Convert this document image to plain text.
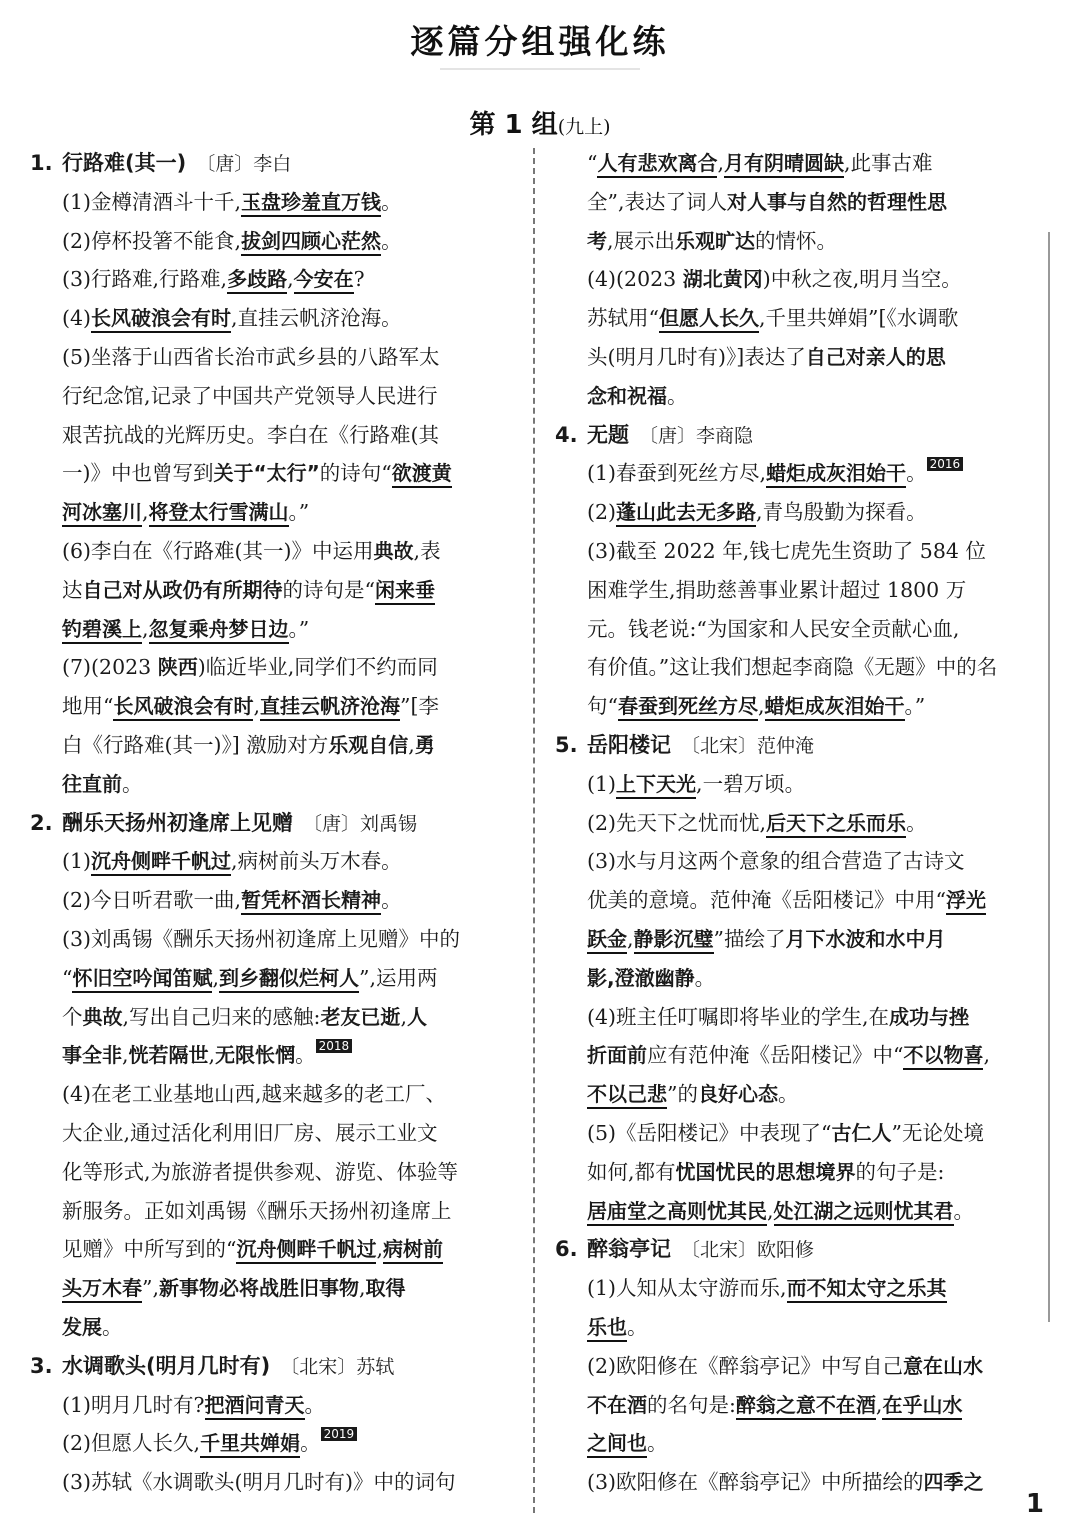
逐篇分组强化练
第 1 组(九上)
1. 行路难(其一) 〔唐〕李白
(1)金樽清酒斗十千,玉盘珍羞直万钱。
(2)停杯投箸不能食,拔剑四顾心茫然。
(3)行路难,行路难,多歧路,今安在?
(4)长风破浪会有时,直挂云帆济沧海。
(5)坐落于山西省长治市武乡县的八路军太
行纪念馆,记录了中国共产党领导人民进行
艰苦抗战的光辉历史。李白在《行路难(其
一)》中也曾写到关于“太行”的诗句“欲渡黄
河冰塞川,将登太行雪满山。”
(6)李白在《行路难(其一)》中运用典故,表
达自己对从政仍有所期待的诗句是“闲来垂
钓碧溪上,忽复乘舟梦日边。”
(7)(2023 陕西)临近毕业,同学们不约而同
地用“长风破浪会有时,直挂云帆济沧海”[李
白《行路难(其一)》] 激励对方乐观自信,勇
往直前。
2. 酬乐天扬州初逢席上见赠 〔唐〕刘禹锡
(1)沉舟侧畔千帆过,病树前头万木春。
(2)今日听君歌一曲,暂凭杯酒长精神。
(3)刘禹锡《酬乐天扬州初逢席上见赠》中的
“怀旧空吟闻笛赋,到乡翻似烂柯人”,运用两
个典故,写出自己归来的感触:老友已逝,人
事全非,恍若隔世,无限怅惘。 2018
(4)在老工业基地山西,越来越多的老工厂、
大企业,通过活化利用旧厂房、展示工业文
化等形式,为旅游者提供参观、游览、体验等
新服务。正如刘禹锡《酬乐天扬州初逢席上
见赠》中所写到的“沉舟侧畔千帆过,病树前
头万木春”,新事物必将战胜旧事物,取得
发展。
3. 水调歌头(明月几时有) 〔北宋〕苏轼
(1)明月几时有?把酒问青天。
(2)但愿人长久,千里共婵娟。 2019
(3)苏轼《水调歌头(明月几时有)》中的词句
“人有悲欢离合,月有阴晴圆缺,此事古难
全”,表达了词人对人事与自然的哲理性思
考,展示出乐观旷达的情怀。
(4)(2023 湖北黄冈)中秋之夜,明月当空。
苏轼用“但愿人长久,千里共婵娟”[《水调歌
头(明月几时有)》]表达了自己对亲人的思
念和祝福。
4. 无题 〔唐〕李商隐
(1)春蚕到死丝方尽,蜡炬成灰泪始干。 2016
(2)蓬山此去无多路,青鸟殷勤为探看。
(3)截至 2022 年,钱七虎先生资助了 584 位
困难学生,捐助慈善事业累计超过 1800 万
元。钱老说:“为国家和人民安全贡献心血,
有价值。”这让我们想起李商隐《无题》中的名
句“春蚕到死丝方尽,蜡炬成灰泪始干。”
5. 岳阳楼记 〔北宋〕范仲淹
(1)上下天光,一碧万顷。
(2)先天下之忧而忧,后天下之乐而乐。
(3)水与月这两个意象的组合营造了古诗文
优美的意境。范仲淹《岳阳楼记》中用“浮光
跃金,静影沉璧”描绘了月下水波和水中月
影,澄澈幽静。
(4)班主任叮嘱即将毕业的学生,在成功与挫
折面前应有范仲淹《岳阳楼记》中“不以物喜,
不以己悲”的良好心态。
(5)《岳阳楼记》中表现了“古仁人”无论处境
如何,都有忧国忧民的思想境界的句子是:
居庙堂之高则忧其民,处江湖之远则忧其君。
6. 醉翁亭记 〔北宋〕欧阳修
(1)人知从太守游而乐,而不知太守之乐其
乐也。
(2)欧阳修在《醉翁亭记》中写自己意在山水
不在酒的名句是:醉翁之意不在酒,在乎山水
之间也。
(3)欧阳修在《醉翁亭记》中所描绘的四季之
1
